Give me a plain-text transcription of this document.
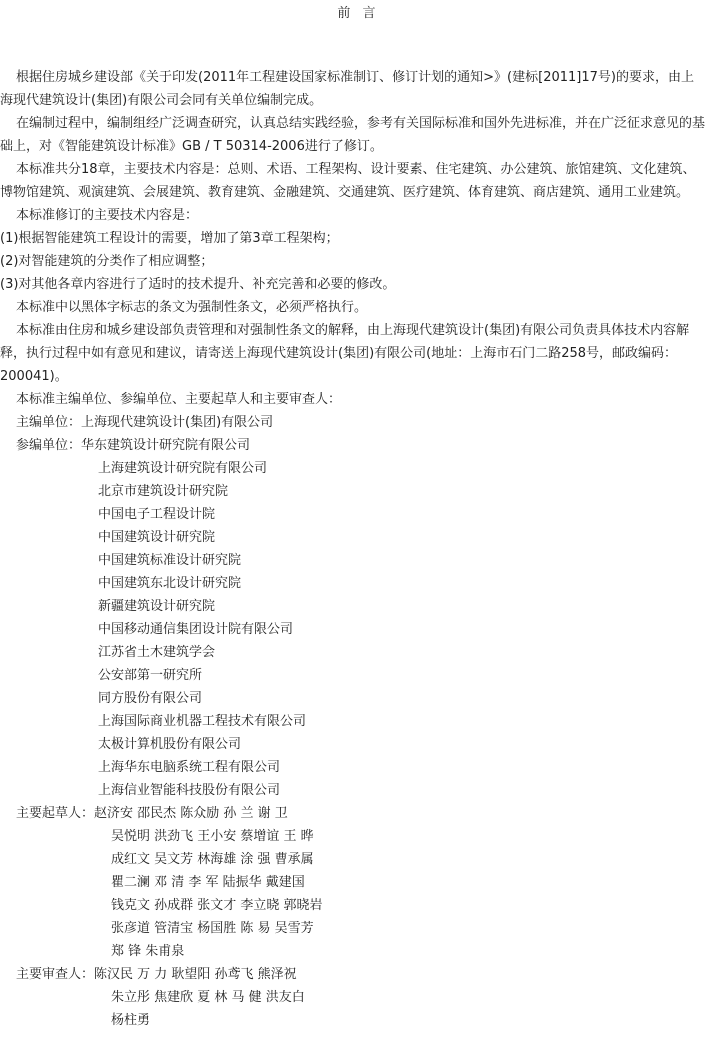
前 言

根据住房城乡建设部《关于印发(2011年工程建设国家标准制订、修订计划的通知>》(建标[2011]17号)的要求，由上海现代建筑设计(集团)有限公司会同有关单位编制完成。

在编制过程中，编制组经广泛调查研究，认真总结实践经验，参考有关国际标准和国外先进标准，并在广泛征求意见的基础上，对《智能建筑设计标准》GB / T 50314-2006进行了修订。

本标准共分18章，主要技术内容是：总则、术语、工程架构、设计要素、住宅建筑、办公建筑、旅馆建筑、文化建筑、博物馆建筑、观演建筑、会展建筑、教育建筑、金融建筑、交通建筑、医疗建筑、体育建筑、商店建筑、通用工业建筑。

本标准修订的主要技术内容是：

(1)根据智能建筑工程设计的需要，增加了第3章工程架构；

(2)对智能建筑的分类作了相应调整；

(3)对其他各章内容进行了适时的技术提升、补充完善和必要的修改。

本标准中以黑体字标志的条文为强制性条文，必须严格执行。

本标准由住房和城乡建设部负责管理和对强制性条文的解释，由上海现代建筑设计(集团)有限公司负责具体技术内容解释，执行过程中如有意见和建议，请寄送上海现代建筑设计(集团)有限公司(地址：上海市石门二路258号，邮政编码：200041)。

本标准主编单位、参编单位、主要起草人和主要审查人：

主编单位： 上海现代建筑设计(集团)有限公司
参编单位： 华东建筑设计研究院有限公司
上海建筑设计研究院有限公司
北京市建筑设计研究院
中国电子工程设计院
中国建筑设计研究院
中国建筑标准设计研究院
中国建筑东北设计研究院
新疆建筑设计研究院
中国移动通信集团设计院有限公司
江苏省土木建筑学会
公安部第一研究所
同方股份有限公司
上海国际商业机器工程技术有限公司
太极计算机股份有限公司
上海华东电脑系统工程有限公司
上海信业智能科技股份有限公司
主要起草人： 赵济安 邵民杰 陈众励 孙 兰 谢 卫
吴悦明 洪劲飞 王小安 蔡增谊 王 晔
成红文 吴文芳 林海雄 涂 强 曹承属
瞿二澜 邓 清 李 军 陆振华 戴建国
钱克文 孙成群 张文才 李立晓 郭晓岩
张彦道 管清宝 杨国胜 陈 易 吴雪芳
郑 锋 朱甫泉
主要审查人： 陈汉民 万 力 耿望阳 孙鸢飞 熊泽祝
朱立彤 焦建欣 夏 林 马 健 洪友白
杨柱勇
